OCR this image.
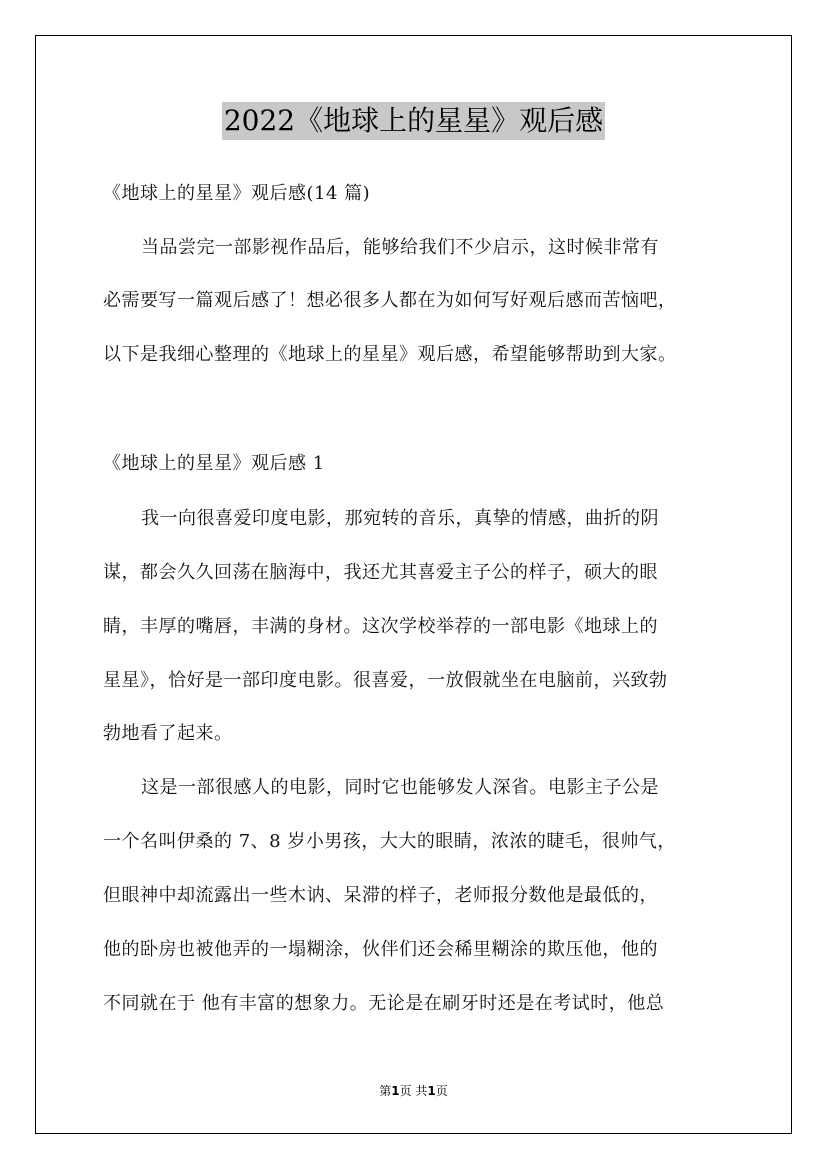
2022《地球上的星星》观后感
《地球上的星星》观后感(14 篇)
当品尝完一部影视作品后，能够给我们不少启示，这时候非常有
必需要写一篇观后感了！想必很多人都在为如何写好观后感而苦恼吧，
以下是我细心整理的《地球上的星星》观后感，希望能够帮助到大家。
《地球上的星星》观后感 1
我一向很喜爱印度电影，那宛转的音乐，真挚的情感，曲折的阴
谋，都会久久回荡在脑海中，我还尤其喜爱主子公的样子，硕大的眼
睛，丰厚的嘴唇，丰满的身材。这次学校举荐的一部电影《地球上的
星星》，恰好是一部印度电影。很喜爱，一放假就坐在电脑前，兴致勃
勃地看了起来。
这是一部很感人的电影，同时它也能够发人深省。电影主子公是
一个名叫伊桑的 7、8 岁小男孩，大大的眼睛，浓浓的睫毛，很帅气，
但眼神中却流露出一些木讷、呆滞的样子，老师报分数他是最低的，
他的卧房也被他弄的一塌糊涂，伙伴们还会稀里糊涂的欺压他，他的
不同就在于 他有丰富的想象力。无论是在刷牙时还是在考试时，他总
第1页 共1页
